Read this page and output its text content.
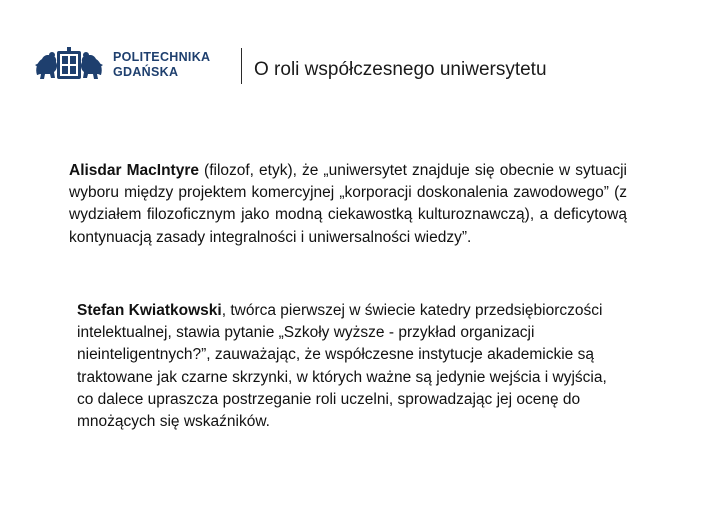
POLITECHNIKA
GDAŃSKA	O roli współczesnego uniwersytetu

Alisdar MacIntyre (filozof, etyk), że „uniwersytet znajduje się obecnie w sytuacji wyboru między projektem komercyjnej „korporacji doskonalenia zawodowego” (z wydziałem filozoficznym jako modną ciekawostką kulturoznawczą), a deficytową kontynuacją zasady integralności i uniwersalności wiedzy”.

Stefan Kwiatkowski, twórca pierwszej w świecie katedry przedsiębiorczości intelektualnej, stawia pytanie „Szkoły wyższe - przykład organizacji nieinteligentnych?”, zauważając, że współczesne instytucje akademickie są traktowane jak czarne skrzynki, w których ważne są jedynie wejścia i wyjścia, co dalece upraszcza postrzeganie roli uczelni, sprowadzając jej ocenę do mnożących się wskaźników.
